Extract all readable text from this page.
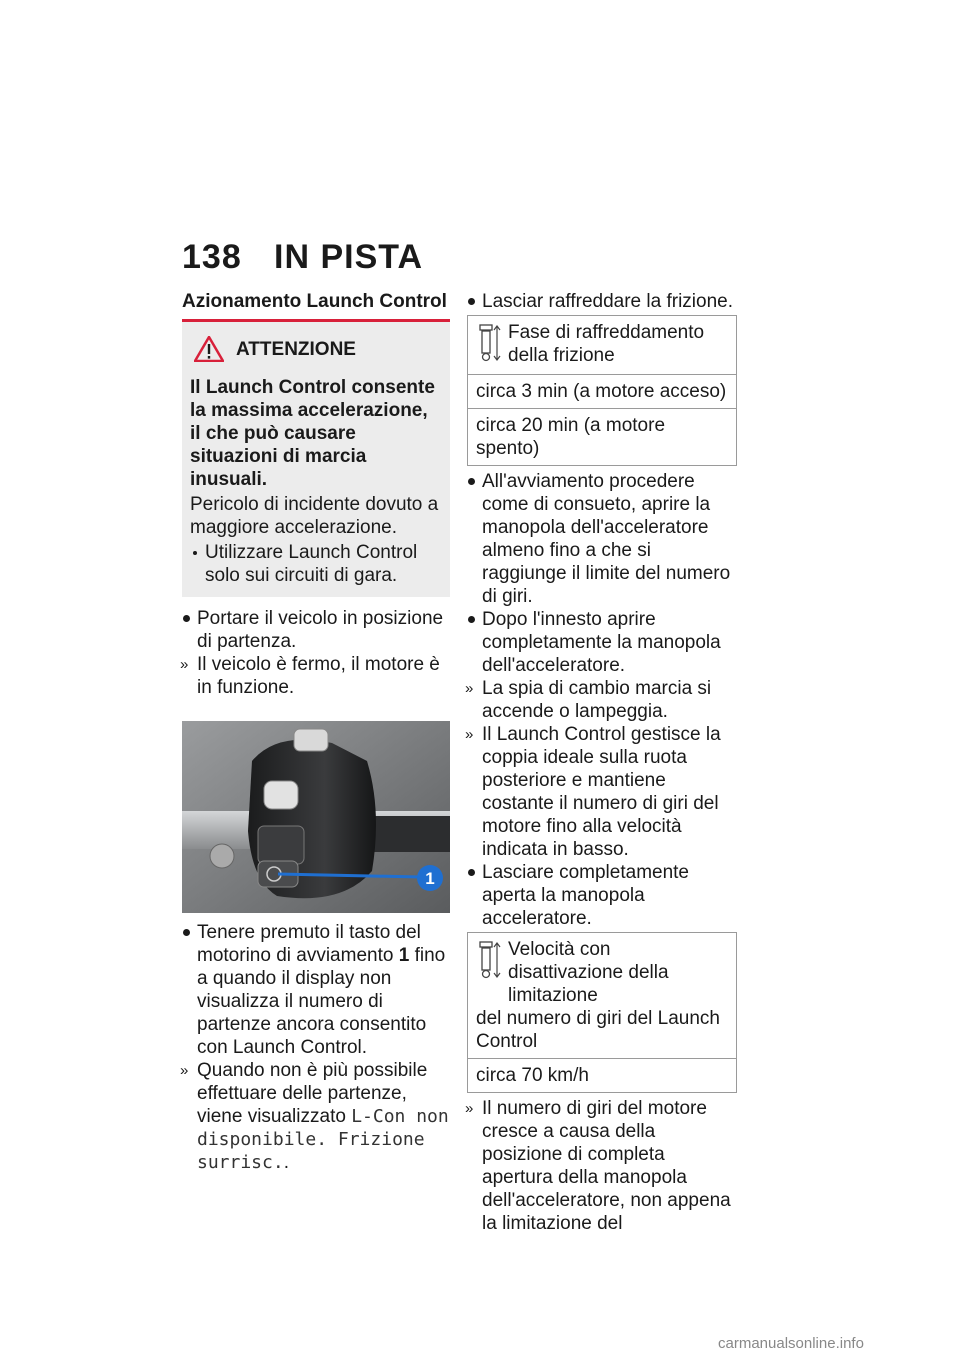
138 IN PISTA
Azionamento Launch Control
ATTENZIONE
Il Launch Control consente la massima accelerazione, il che può causare situazioni di marcia inusuali.
Pericolo di incidente dovuto a maggiore accelerazione.
Utilizzare Launch Control solo sui circuiti di gara.
Portare il veicolo in posizione di partenza.
» Il veicolo è fermo, il motore è in funzione.
1
Tenere premuto il tasto del motorino di avviamento 1 fino a quando il display non visualizza il numero di partenze ancora consentito con Launch Control.
» Quando non è più possibile effettuare delle partenze, viene visualizzato L-Con non disponibile. Frizione surrisc..
Lasciar raffreddare la frizione.
Fase di raffreddamento della frizione
circa 3 min (a motore acceso)
circa 20 min (a motore spento)
All'avviamento procedere come di consueto, aprire la manopola dell'acceleratore almeno fino a che si raggiunge il limite del numero di giri.
Dopo l'innesto aprire completamente la manopola dell'acceleratore.
» La spia di cambio marcia si accende o lampeggia.
» Il Launch Control gestisce la coppia ideale sulla ruota posteriore e mantiene costante il numero di giri del motore fino alla velocità indicata in basso.
Lasciare completamente aperta la manopola acceleratore.
Velocità con disattivazione della limitazione
del numero di giri del Launch Control
circa 70 km/h
» Il numero di giri del motore cresce a causa della posizione di completa apertura della manopola dell'acceleratore, non appena la limitazione del
carmanualsonline.info
